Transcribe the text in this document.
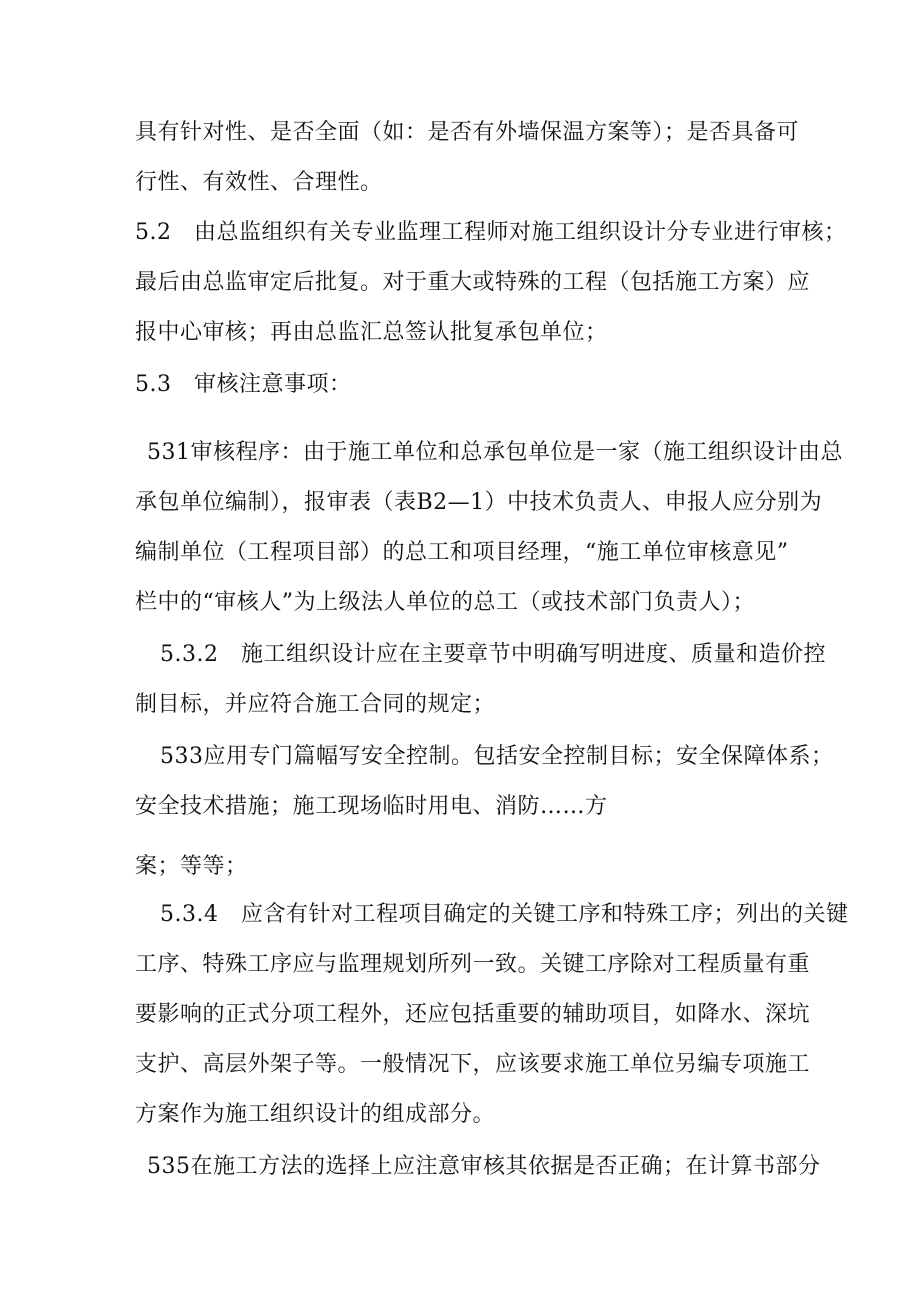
具有针对性、是否全面（如：是否有外墙保温方案等）；是否具备可
行性、有效性、合理性。
5.2　由总监组织有关专业监理工程师对施工组织设计分专业进行审核；
最后由总监审定后批复。对于重大或特殊的工程（包括施工方案）应
报中心审核；再由总监汇总签认批复承包单位；
5.3　审核注意事项：
531审核程序：由于施工单位和总承包单位是一家（施工组织设计由总
承包单位编制），报审表（表B2—1）中技术负责人、申报人应分别为
编制单位（工程项目部）的总工和项目经理，“施工单位审核意见”
栏中的“审核人”为上级法人单位的总工（或技术部门负责人）；
5.3.2　施工组织设计应在主要章节中明确写明进度、质量和造价控
制目标，并应符合施工合同的规定；
533应用专门篇幅写安全控制。包括安全控制目标；安全保障体系；
安全技术措施；施工现场临时用电、消防……方
案；等等；
5.3.4　应含有针对工程项目确定的关键工序和特殊工序；列出的关键
工序、特殊工序应与监理规划所列一致。关键工序除对工程质量有重
要影响的正式分项工程外，还应包括重要的辅助项目，如降水、深坑
支护、高层外架子等。一般情况下，应该要求施工单位另编专项施工
方案作为施工组织设计的组成部分。
535在施工方法的选择上应注意审核其依据是否正确；在计算书部分
